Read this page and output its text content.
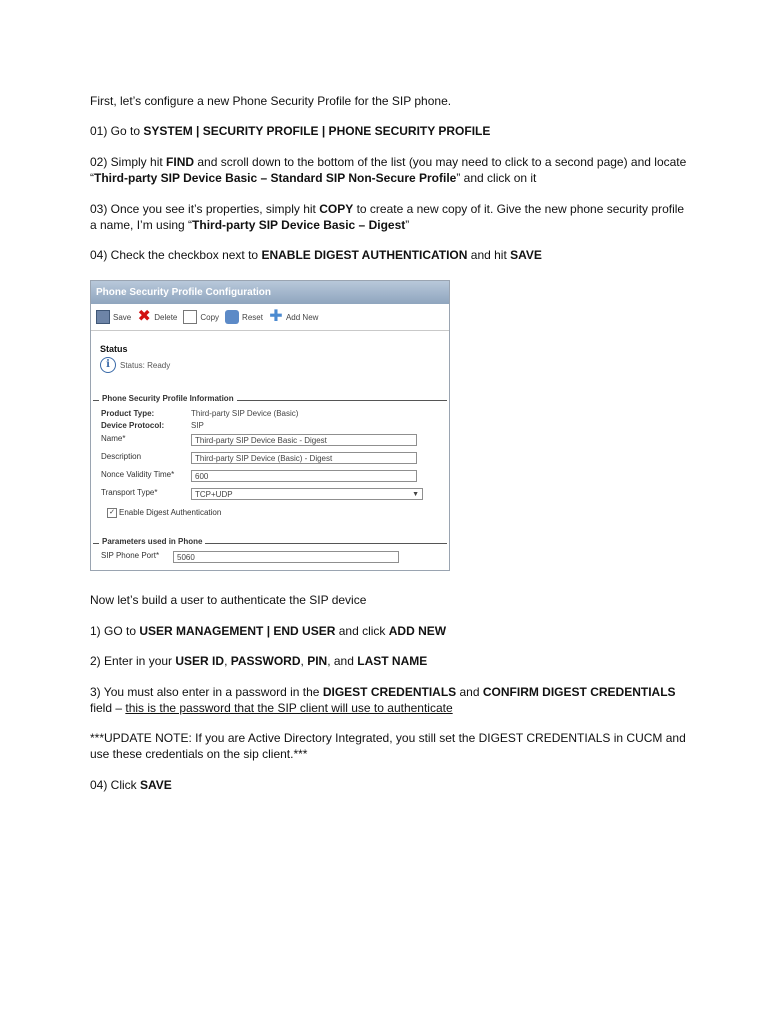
First, let’s configure a new Phone Security Profile for the SIP phone.

01) Go to SYSTEM | SECURITY PROFILE | PHONE SECURITY PROFILE

02) Simply hit FIND and scroll down to the bottom of the list (you may need to click to a second page) and locate “Third-party SIP Device Basic – Standard SIP Non-Secure Profile” and click on it

03) Once you see it’s properties, simply hit COPY to create a new copy of it. Give the new phone security profile a name, I’m using “Third-party SIP Device Basic – Digest”

04) Check the checkbox next to ENABLE DIGEST AUTHENTICATION and hit SAVE

Phone Security Profile Configuration
Save ✖ Delete	Copy	Reset ✚ Add New
Status
i	Status: Ready
Phone Security Profile Information
Product Type:	Third-party SIP Device (Basic)
Device Protocol:	SIP
Name*	Third-party SIP Device Basic - Digest
Description	Third-party SIP Device (Basic) - Digest
Nonce Validity Time*	600
Transport Type*	TCP+UDP	▼
✓ Enable Digest Authentication
Parameters used in Phone
SIP Phone Port*	5060

Now let’s build a user to authenticate the SIP device

1) GO to USER MANAGEMENT | END USER and click ADD NEW

2) Enter in your USER ID, PASSWORD, PIN, and LAST NAME

3) You must also enter in a password in the DIGEST CREDENTIALS and CONFIRM DIGEST CREDENTIALS field – this is the password that the SIP client will use to authenticate

***UPDATE NOTE: If you are Active Directory Integrated, you still set the DIGEST CREDENTIALS in CUCM and use these credentials on the sip client.***

04) Click SAVE
